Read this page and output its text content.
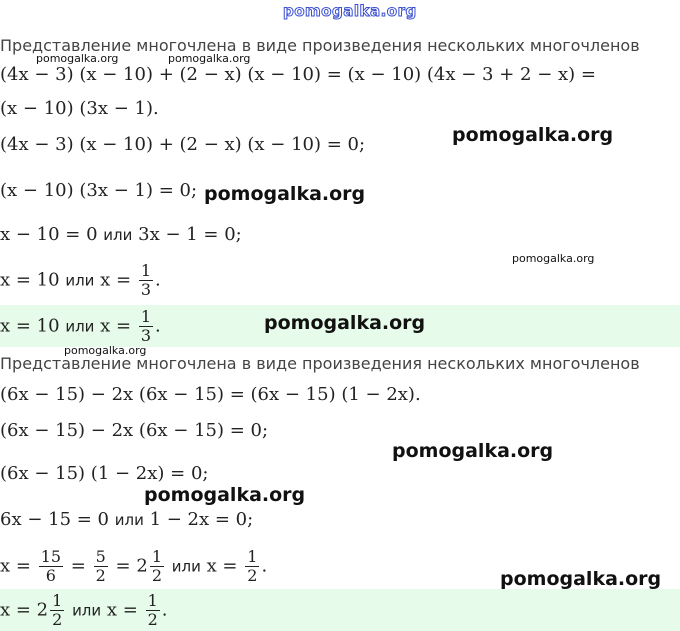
Представление многочлена в виде произведения нескольких многочленов
(4x − 3) (x − 10) + (2 − x) (x − 10) = (x − 10) (4x − 3 + 2 − x) =
(x − 10) (3x − 1).
(4x − 3) (x − 10) + (2 − x) (x − 10) = 0;
(x − 10) (3x − 1) = 0;
x − 10 = 0 или 3x − 1 = 0;
x = 10 или $x = \frac{1}{3}$ .
x = 10 или $x = \frac{1}{3}$ .
Представление многочлена в виде произведения нескольких многочленов
(6x − 15) − 2x (6x − 15) = (6x − 15) (1 − 2x).
(6x − 15) − 2x (6x − 15) = 0;
(6x − 15) (1 − 2x) = 0;
6x − 15 = 0 или 1 − 2x = 0;
$x = \frac{15}{6} = \frac{5}{2} = 2 \frac{1}{2}$ или $x = \frac{1}{2}$ .
$x = 2 \frac{1}{2}$ или $x = \frac{1}{2}$ .
pomogalka.org
pomogalka.org	pomogalka.org
pomogalka.org
pomogalka.org
pomogalka.org
pomogalka.org
pomogalka.org
pomogalka.org
pomogalka.org
pomogalka.org
